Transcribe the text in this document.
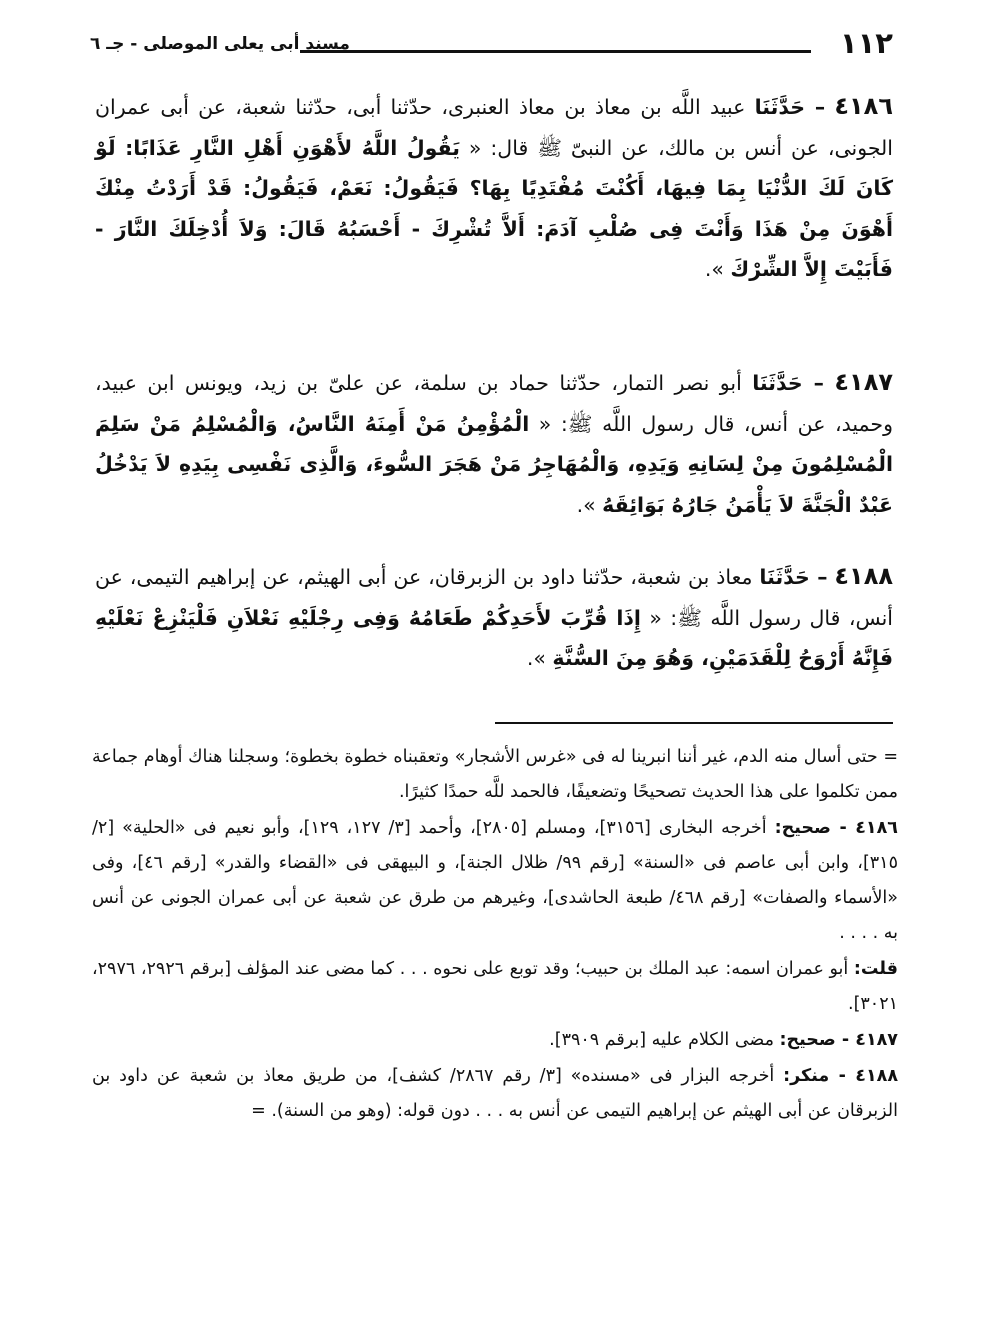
١١٢
مسند أبى يعلى الموصلى - جـ ٦
٤١٨٦ – حَدَّثَنَا عبيد اللَّه بن معاذ بن معاذ العنبرى، حدّثنا أبى، حدّثنا شعبة، عن أبى عمران الجونى، عن أنس بن مالك، عن النبىّ ﷺ قال: « يَقُولُ اللَّهُ لأَهْوَنِ أَهْلِ النَّارِ عَذَابًا: لَوْ كَانَ لَكَ الدُّنْيَا بِمَا فِيهَا، أَكُنْتَ مُفْتَدِيًا بِهَا؟ فَيَقُولُ: نَعَمْ، فَيَقُولُ: قَدْ أَرَدْتُ مِنْكَ أَهْوَنَ مِنْ هَذَا وَأَنْتَ فِى صُلْبِ آدَمَ: أَلاَّ تُشْرِكَ - أَحْسَبُهُ قَالَ: وَلاَ أُدْخِلَكَ النَّارَ - فَأَبَيْتَ إِلاَّ الشِّرْكَ ».
٤١٨٧ – حَدَّثَنَا أبو نصر التمار، حدّثنا حماد بن سلمة، عن علىّ بن زيد، ويونس ابن عبيد، وحميد، عن أنس، قال رسول اللَّه ﷺ: « الْمُؤْمِنُ مَنْ أَمِنَهُ النَّاسُ، وَالْمُسْلِمُ مَنْ سَلِمَ الْمُسْلِمُونَ مِنْ لِسَانِهِ وَيَدِهِ، وَالْمُهَاجِرُ مَنْ هَجَرَ السُّوءَ، وَالَّذِى نَفْسِى بِيَدِهِ لاَ يَدْخُلُ عَبْدٌ الْجَنَّةَ لاَ يَأْمَنُ جَارُهُ بَوَائِقَهُ ».
٤١٨٨ – حَدَّثَنَا معاذ بن شعبة، حدّثنا داود بن الزبرقان، عن أبى الهيثم، عن إبراهيم التيمى، عن أنس، قال رسول اللَّه ﷺ: « إِذَا قُرِّبَ لأَحَدِكُمْ طَعَامُهُ وَفِى رِجْلَيْهِ نَعْلاَنِ فَلْيَنْزِعْ نَعْلَيْهِ فَإِنَّهُ أَرْوَحُ لِلْقَدَمَيْنِ، وَهُوَ مِنَ السُّنَّةِ ».

= حتى أسال منه الدم، غير أننا انبرينا له فى «غرس الأشجار» وتعقبناه خطوة بخطوة؛ وسجلنا هناك أوهام جماعة ممن تكلموا على هذا الحديث تصحيحًا وتضعيفًا، فالحمد للَّه حمدًا كثيرًا.

٤١٨٦ - صحيح: أخرجه البخارى [٣١٥٦]، ومسلم [٢٨٠٥]، وأحمد [٣/ ١٢٧، ١٢٩]، وأبو نعيم فى «الحلية» [٢/ ٣١٥]، وابن أبى عاصم فى «السنة» [رقم ٩٩/ ظلال الجنة]، و البيهقى فى «القضاء والقدر» [رقم ٤٦]، وفى «الأسماء والصفات» [رقم ٤٦٨/ طبعة الحاشدى]، وغيرهم من طرق عن شعبة عن أبى عمران الجونى عن أنس به . . . .

قلت: أبو عمران اسمه: عبد الملك بن حبيب؛ وقد توبع على نحوه . . . كما مضى عند المؤلف [برقم ٢٩٢٦، ٢٩٧٦، ٣٠٢١].

٤١٨٧ - صحيح: مضى الكلام عليه [برقم ٣٩٠٩].

٤١٨٨ - منكر: أخرجه البزار فى «مسنده» [٣/ رقم ٢٨٦٧/ كشف]، من طريق معاذ بن شعبة عن داود بن الزبرقان عن أبى الهيثم عن إبراهيم التيمى عن أنس به . . . دون قوله: (وهو من السنة). =
